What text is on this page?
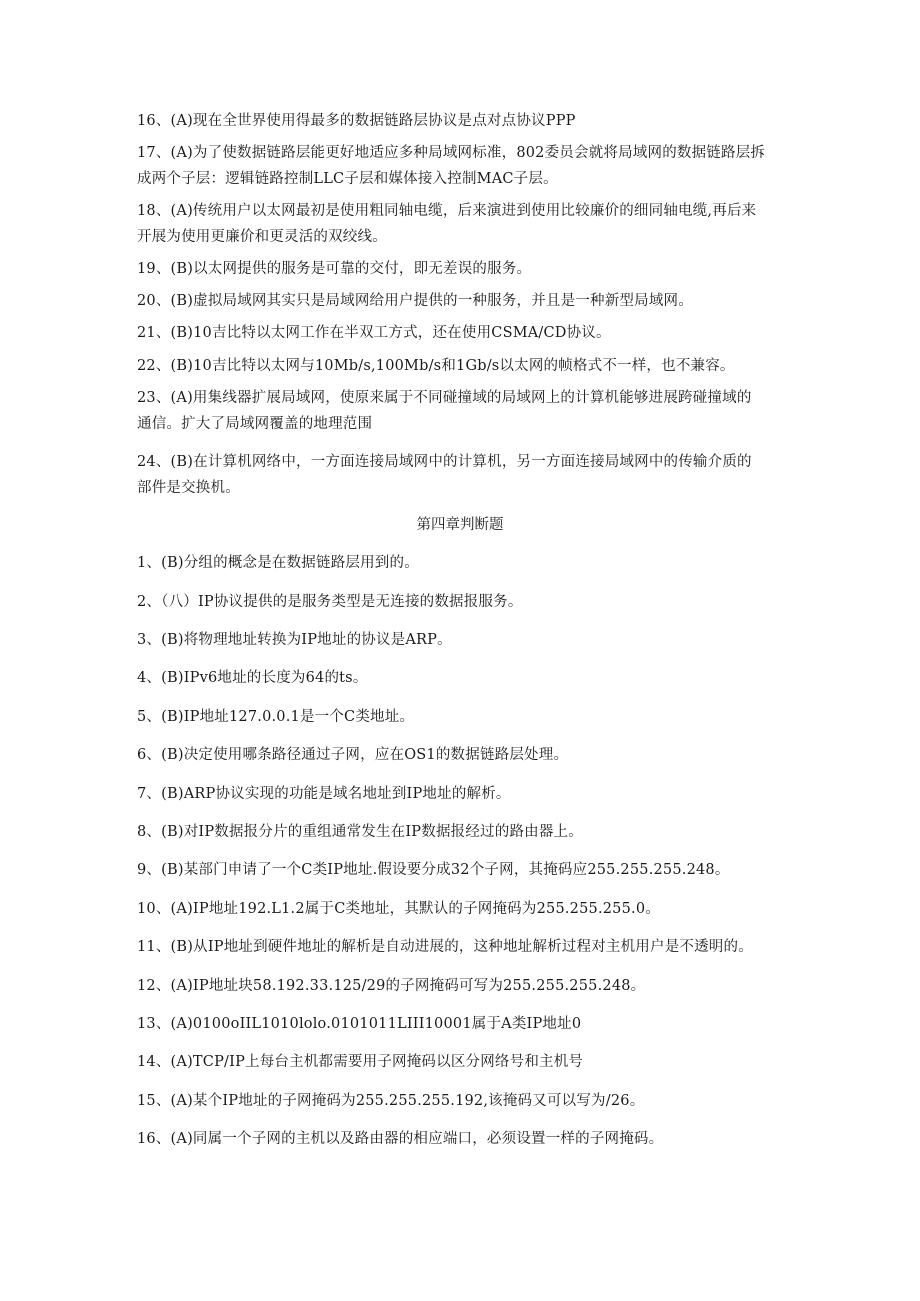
16、(A)现在全世界使用得最多的数据链路层协议是点对点协议PPP
17、(A)为了使数据链路层能更好地适应多种局域网标准，802委员会就将局域网的数据链路层拆
成两个子层：逻辑链路控制LLC子层和媒体接入控制MAC子层。
18、(A)传统用户以太网最初是使用粗同轴电缆，后来演进到使用比较廉价的细同轴电缆,再后来
开展为使用更廉价和更灵活的双绞线。
19、(B)以太网提供的服务是可靠的交付，即无差误的服务。
20、(B)虚拟局域网其实只是局域网给用户提供的一种服务，并且是一种新型局域网。
21、(B)10吉比特以太网工作在半双工方式，还在使用CSMA/CD协议。
22、(B)10吉比特以太网与10Mb/s,100Mb/s和1Gb/s以太网的帧格式不一样，也不兼容。
23、(A)用集线器扩展局域网，使原来属于不同碰撞域的局域网上的计算机能够进展跨碰撞域的
通信。扩大了局域网覆盖的地理范围
24、(B)在计算机网络中，一方面连接局域网中的计算机，另一方面连接局域网中的传输介质的
部件是交换机。
第四章判断题
1、(B)分组的概念是在数据链路层用到的。
2、（八）IP协议提供的是服务类型是无连接的数据报服务。
3、(B)将物理地址转换为IP地址的协议是ARP。
4、(B)IPv6地址的长度为64的ts。
5、(B)IP地址127.0.0.1是一个C类地址。
6、(B)决定使用哪条路径通过子网，应在OS1的数据链路层处理。
7、(B)ARP协议实现的功能是域名地址到IP地址的解析。
8、(B)对IP数据报分片的重组通常发生在IP数据报经过的路由器上。
9、(B)某部门申请了一个C类IP地址.假设要分成32个子网，其掩码应255.255.255.248。
10、(A)IP地址192.L1.2属于C类地址，其默认的子网掩码为255.255.255.0。
11、(B)从IP地址到硬件地址的解析是自动进展的，这种地址解析过程对主机用户是不透明的。
12、(A)IP地址块58.192.33.125/29的子网掩码可写为255.255.255.248。
13、(A)0100oIIL1010lolo.0101011LIII10001属于A类IP地址0
14、(A)TCP/IP上每台主机都需要用子网掩码以区分网络号和主机号
15、(A)某个IP地址的子网掩码为255.255.255.192,该掩码又可以写为/26。
16、(A)同属一个子网的主机以及路由器的相应端口，必须设置一样的子网掩码。
